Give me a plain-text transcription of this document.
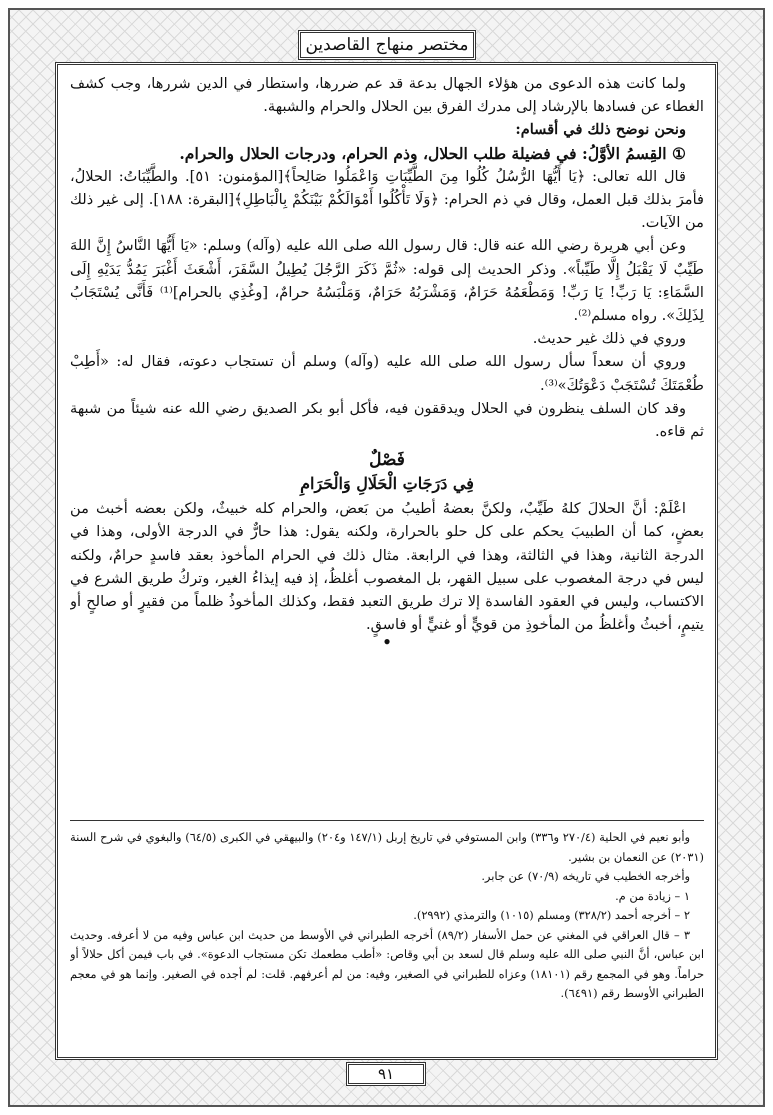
مختصر منهاج القاصدين

ولما كانت هذه الدعوى من هؤلاء الجهال بدعة قد عم ضررها، واستطار في الدين شررها، وجب كشف الغطاء عن فسادها بالإرشاد إلى مدرك الفرق بين الحلال والحرام والشبهة.

ونحن نوضح ذلك في أقسام:

① القِسمُ الأوَّلُ: في فضيلة طلب الحلال، وذم الحرام، ودرجات الحلال والحرام.

قال الله تعالى: ﴿يَا أَيُّهَا الرُّسُلُ كُلُوا مِنَ الطَّيِّبَاتِ وَاعْمَلُوا صَالِحاً﴾[المؤمنون: ٥١]. والطَّيِّبَاتُ: الحلالُ، فأمرَ بذلك قبل العمل، وقال في ذم الحرام: ﴿وَلَا تَأْكُلُوا أَمْوَالَكُمْ بَيْنَكُمْ بِالْبَاطِلِ﴾[البقرة: ١٨٨]. إلى غير ذلك من الآيات.

وعن أبي هريرة رضي الله عنه قال: قال رسول الله صلى الله عليه (وآله) وسلم: «يَا أَيُّهَا النَّاسُ إِنَّ اللهَ طَيِّبٌ لَا يَقْبَلُ إِلَّا طَيِّباً». وذكر الحديث إلى قوله: «ثُمَّ ذَكَرَ الرَّجُلَ يُطِيلُ السَّفَرَ، أَشْعَثَ أَغْبَرَ يَمُدُّ يَدَيْهِ إِلَى السَّمَاءِ: يَا رَبِّ! يَا رَبِّ! وَمَطْعَمُهُ حَرَامٌ، وَمَشْرَبُهُ حَرَامٌ، وَمَلْبَسُهُ حرامٌ، [وغُذِي بالحرام]⁽¹⁾ فَأَنَّى يُسْتَجَابُ لِذَلِكَ». رواه مسلم⁽²⁾.

وروي في ذلك غير حديث.

وروي أن سعداً سأل رسول الله صلى الله عليه (وآله) وسلم أن تستجاب دعوته، فقال له: «أَطِبْ طُعْمَتَكَ تُسْتَجَبْ دَعْوَتُكَ»⁽³⁾.

وقد كان السلف ينظرون في الحلال ويدققون فيه، فأكل أبو بكر الصديق رضي الله عنه شيئاً من شبهة ثم قاءه.

فَصْلٌ

فِي دَرَجَاتِ الْحَلَالِ وَالْحَرَامِ

اعْلَمْ: أنَّ الحلالَ كلهُ طَيِّبٌ، ولكنَّ بعضهُ أطيبُ من بَعض، والحرام كله خبيثٌ، ولكن بعضه أخبث من بعضٍ، كما أن الطبيبَ يحكم على كل حلو بالحرارة، ولكنه يقول: هذا حارٌّ في الدرجة الأولى، وهذا في الدرجة الثانية، وهذا في الثالثة، وهذا في الرابعة. مثال ذلك في الحرام المأخوذ بعقد فاسدٍ حرامٌ، ولكنه ليس في درجة المغصوب على سبيل القهر، بل المغصوب أغلظُ، إذ فيه إيذاءُ الغير، وتركُ طريق الشرع في الاكتساب، وليس في العقود الفاسدة إلا ترك طريق التعبد فقط، وكذلك المأخوذُ ظلماً من فقيرٍ أو صالحٍ أو يتيمٍ، أخبثُ وأغلظُ من المأخوذِ من قويٍّ أو غنيٍّ أو فاسقٍ.

•

وأبو نعيم في الحلية (٢٧٠/٤ و٣٣٦) وابن المستوفي في تاريخ إربل (١٤٧/١ و٢٠٤) والبيهقي في الكبرى (٦٤/٥) والبغوي في شرح السنة (٢٠٣١) عن النعمان بن بشير.

وأخرجه الخطيب في تاريخه (٧٠/٩) عن جابر.

١ – زيادة من م.

٢ – أخرجه أحمد (٣٢٨/٢) ومسلم (١٠١٥) والترمذي (٢٩٩٢).

٣ – قال العراقي في المغني عن حمل الأسفار (٨٩/٢) أخرجه الطبراني في الأوسط من حديث ابن عباس وفيه من لا أعرفه. وحديث ابن عباس، أنَّ النبي صلى الله عليه وسلم قال لسعد بن أبي وقاص: «أطب مطعمك تكن مستجاب الدعوة». في باب فيمن أكل حلالاً أو حراماً. وهو في المجمع رقم (١٨١٠١) وعزاه للطبراني في الصغير، وفيه: من لم أعرفهم. قلت: لم أجده في الصغير. وإنما هو في معجم الطبراني الأوسط رقم (٦٤٩١).

٩١
